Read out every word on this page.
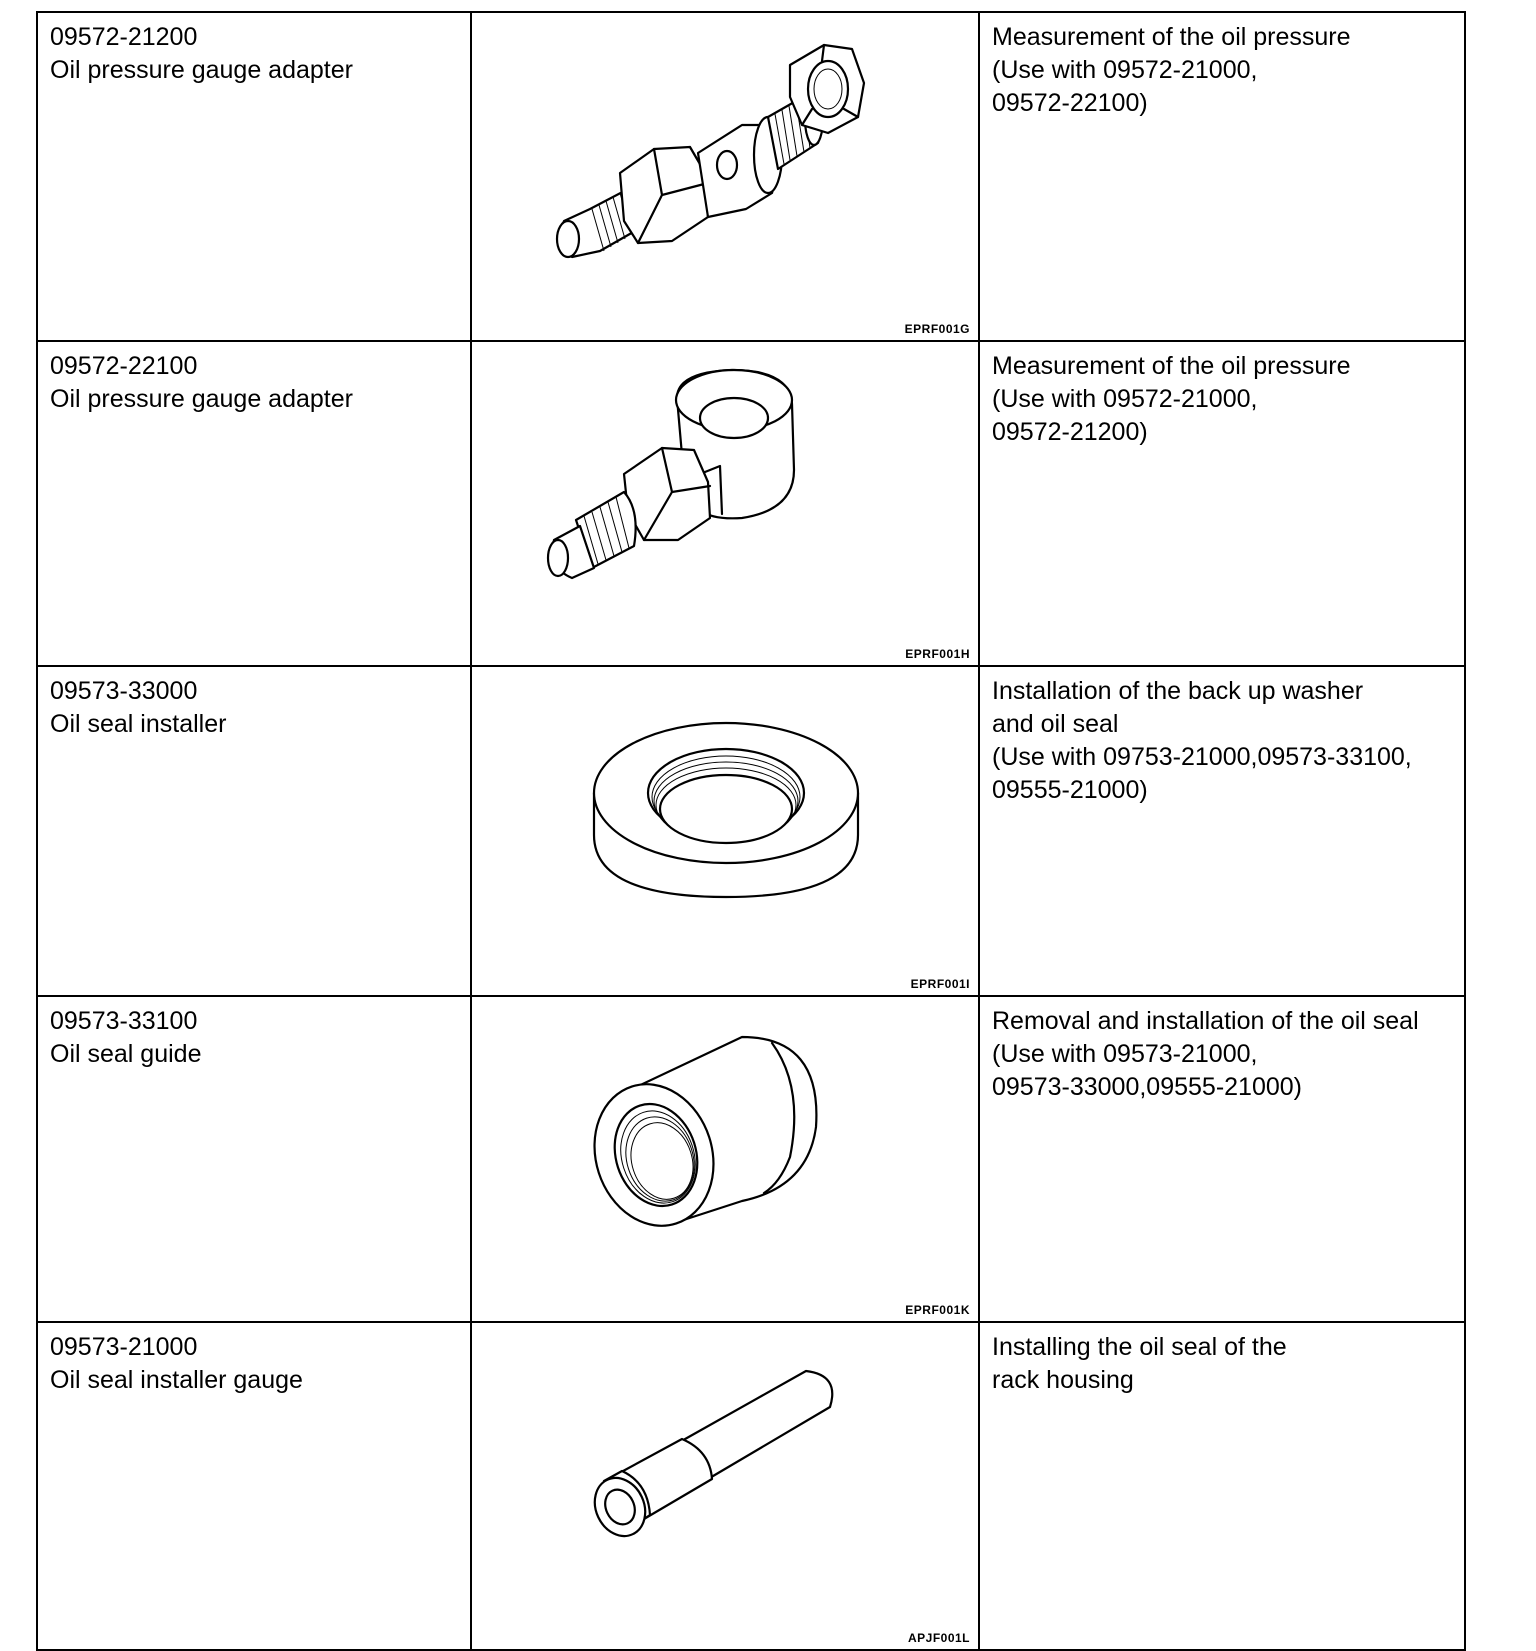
09572-21200
Oil pressure gauge adapter	EPRF001G	Measurement of the oil pressure
(Use with 09572-21000,
09572-22100)

09572-22100
Oil pressure gauge adapter	EPRF001H	Measurement of the oil pressure
(Use with 09572-21000,
09572-21200)

09573-33000
Oil seal installer	EPRF001I	Installation of the back up washer
and oil seal
(Use with 09753-21000,09573-33100,
09555-21000)

09573-33100
Oil seal guide	EPRF001K	Removal and installation of the oil seal
(Use with 09573-21000,
09573-33000,09555-21000)

09573-21000
Oil seal installer gauge	APJF001L	Installing the oil seal of the
rack housing
